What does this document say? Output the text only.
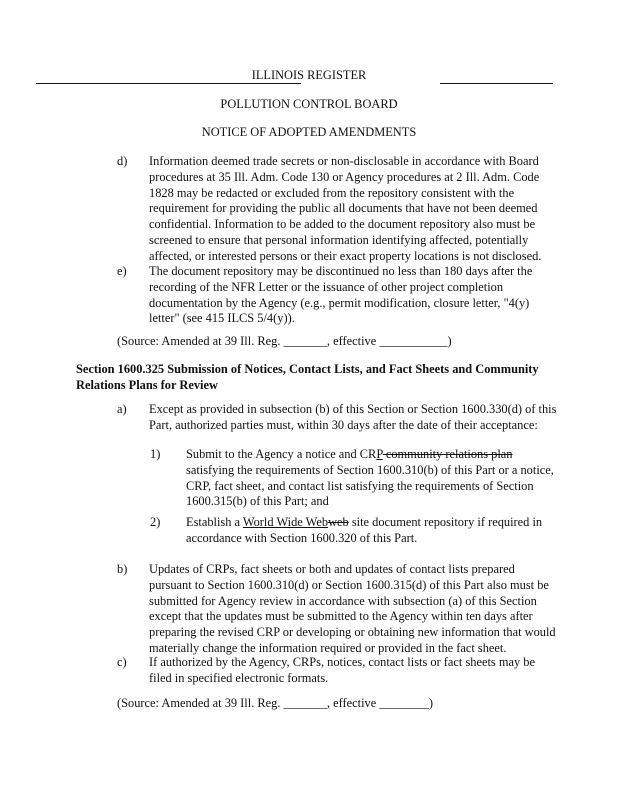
ILLINOIS REGISTER
POLLUTION CONTROL BOARD
NOTICE OF ADOPTED AMENDMENTS
d) Information deemed trade secrets or non-disclosable in accordance with Board
procedures at 35 Ill. Adm. Code 130 or Agency procedures at 2 Ill. Adm. Code
1828 may be redacted or excluded from the repository consistent with the
requirement for providing the public all documents that have not been deemed
confidential. Information to be added to the document repository also must be
screened to ensure that personal information identifying affected, potentially
affected, or interested persons or their exact property locations is not disclosed.
e) The document repository may be discontinued no less than 180 days after the
recording of the NFR Letter or the issuance of other project completion
documentation by the Agency (e.g., permit modification, closure letter, "4(y)
letter" (see 415 ILCS 5/4(y)).
(Source: Amended at 39 Ill. Reg. _______, effective ___________)
Section 1600.325 Submission of Notices, Contact Lists, and Fact Sheets and Community
Relations Plans for Review
a) Except as provided in subsection (b) of this Section or Section 1600.330(d) of this
Part, authorized parties must, within 30 days after the date of their acceptance:
1) Submit to the Agency a notice and CRP community relations plan
satisfying the requirements of Section 1600.310(b) of this Part or a notice,
CRP, fact sheet, and contact list satisfying the requirements of Section
1600.315(b) of this Part; and
2) Establish a World Wide Webweb site document repository if required in
accordance with Section 1600.320 of this Part.
b) Updates of CRPs, fact sheets or both and updates of contact lists prepared
pursuant to Section 1600.310(d) or Section 1600.315(d) of this Part also must be
submitted for Agency review in accordance with subsection (a) of this Section
except that the updates must be submitted to the Agency within ten days after
preparing the revised CRP or developing or obtaining new information that would
materially change the information required or provided in the fact sheet.
c) If authorized by the Agency, CRPs, notices, contact lists or fact sheets may be
filed in specified electronic formats.
(Source: Amended at 39 Ill. Reg. _______, effective ________)
